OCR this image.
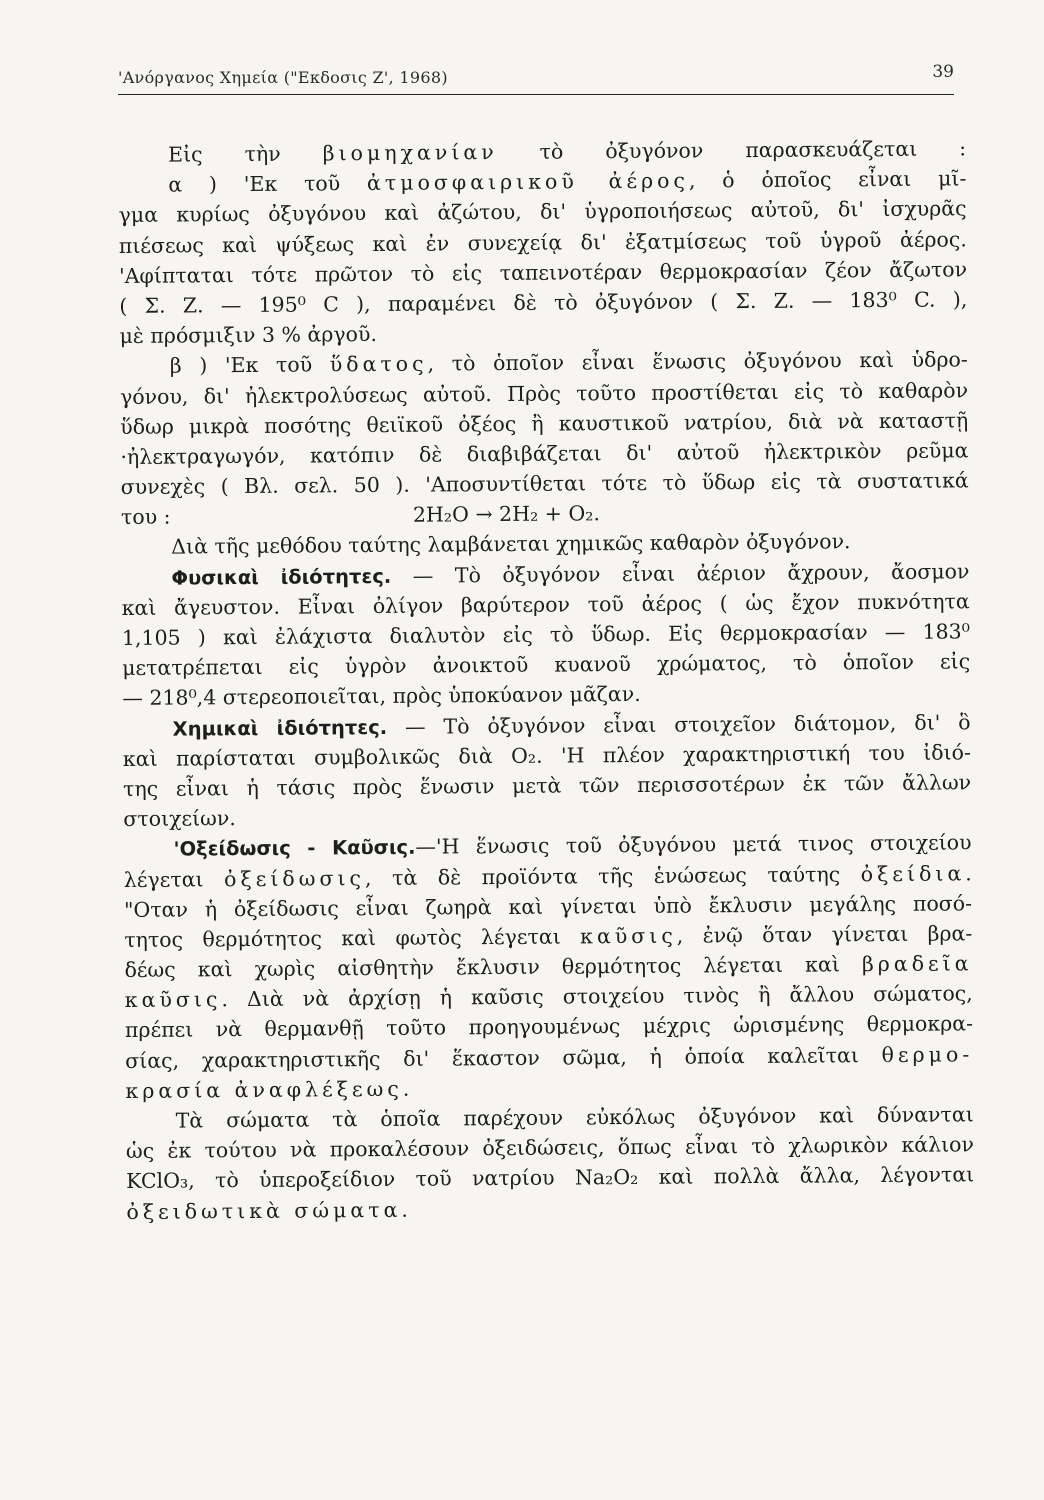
'Ανόργανος Χημεία ("Εκδοσις Ζ', 1968)	39
Εἰς τὴν βιομηχανίαν τὸ ὀξυγόνον παρασκευάζεται :
α ) 'Εκ τοῦ ἀτμοσφαιρικοῦ ἀέρος, ὁ ὁποῖος εἶναι μῖ-
γμα κυρίως ὀξυγόνου καὶ ἀζώτου, δι' ὑγροποιήσεως αὐτοῦ, δι' ἰσχυρᾶς
πιέσεως καὶ ψύξεως καὶ ἐν συνεχείᾳ δι' ἐξατμίσεως τοῦ ὑγροῦ ἀέρος.
'Αφίπταται τότε πρῶτον τὸ εἰς ταπεινοτέραν θερμοκρασίαν ζέον ἄζωτον
( Σ. Ζ. — 195⁰ C ), παραμένει δὲ τὸ ὀξυγόνον ( Σ. Ζ. — 183⁰ C. ),
μὲ πρόσμιξιν 3 % ἀργοῦ.
β ) 'Εκ τοῦ ὕδατος, τὸ ὁποῖον εἶναι ἕνωσις ὀξυγόνου καὶ ὑδρο-
γόνου, δι' ἠλεκτρολύσεως αὐτοῦ. Πρὸς τοῦτο προστίθεται εἰς τὸ καθαρὸν
ὕδωρ μικρὰ ποσότης θειϊκοῦ ὀξέος ἢ καυστικοῦ νατρίου, διὰ νὰ καταστῇ
·ἠλεκτραγωγόν, κατόπιν δὲ διαβιβάζεται δι' αὐτοῦ ἠλεκτρικὸν ρεῦμα
συνεχὲς ( Βλ. σελ. 50 ). 'Αποσυντίθεται τότε τὸ ὕδωρ εἰς τὰ συστατικά
του :	2H₂O → 2H₂ + O₂.
Διὰ τῆς μεθόδου ταύτης λαμβάνεται χημικῶς καθαρὸν ὀξυγόνον.
Φυσικαὶ ἰδιότητες. — Τὸ ὀξυγόνον εἶναι ἀέριον ἄχρουν, ἄοσμον
καὶ ἄγευστον. Εἶναι ὀλίγον βαρύτερον τοῦ ἀέρος ( ὡς ἔχον πυκνότητα
1,105 ) καὶ ἐλάχιστα διαλυτὸν εἰς τὸ ὕδωρ. Εἰς θερμοκρασίαν — 183⁰
μετατρέπεται εἰς ὑγρὸν ἀνοικτοῦ κυανοῦ χρώματος, τὸ ὁποῖον εἰς
— 218⁰,4 στερεοποιεῖται, πρὸς ὑποκύανον μᾶζαν.
Χημικαὶ ἰδιότητες. — Τὸ ὀξυγόνον εἶναι στοιχεῖον διάτομον, δι' ὃ
καὶ παρίσταται συμβολικῶς διὰ O₂. 'Η πλέον χαρακτηριστική του ἰδιό-
της εἶναι ἡ τάσις πρὸς ἕνωσιν μετὰ τῶν περισσοτέρων ἐκ τῶν ἄλλων
στοιχείων.
'Οξείδωσις - Καῦσις.—'Η ἕνωσις τοῦ ὀξυγόνου μετά τινος στοιχείου
λέγεται ὀξείδωσις, τὰ δὲ προϊόντα τῆς ἑνώσεως ταύτης ὀξείδια.
"Οταν ἡ ὀξείδωσις εἶναι ζωηρὰ καὶ γίνεται ὑπὸ ἔκλυσιν μεγάλης ποσό-
τητος θερμότητος καὶ φωτὸς λέγεται καῦσις, ἐνῷ ὅταν γίνεται βρα-
δέως καὶ χωρὶς αἰσθητὴν ἔκλυσιν θερμότητος λέγεται καὶ βραδεῖα
καῦσις. Διὰ νὰ ἀρχίσῃ ἡ καῦσις στοιχείου τινὸς ἢ ἄλλου σώματος,
πρέπει νὰ θερμανθῇ τοῦτο προηγουμένως μέχρις ὡρισμένης θερμοκρα-
σίας, χαρακτηριστικῆς δι' ἕκαστον σῶμα, ἡ ὁποία καλεῖται θερμο-
κρασία ἀναφλέξεως.
Τὰ σώματα τὰ ὁποῖα παρέχουν εὐκόλως ὀξυγόνον καὶ δύνανται
ὡς ἐκ τούτου νὰ προκαλέσουν ὀξειδώσεις, ὅπως εἶναι τὸ χλωρικὸν κάλιον
KClO₃, τὸ ὑπεροξείδιον τοῦ νατρίου Na₂O₂ καὶ πολλὰ ἄλλα, λέγονται
ὀξειδωτικὰ σώματα.
